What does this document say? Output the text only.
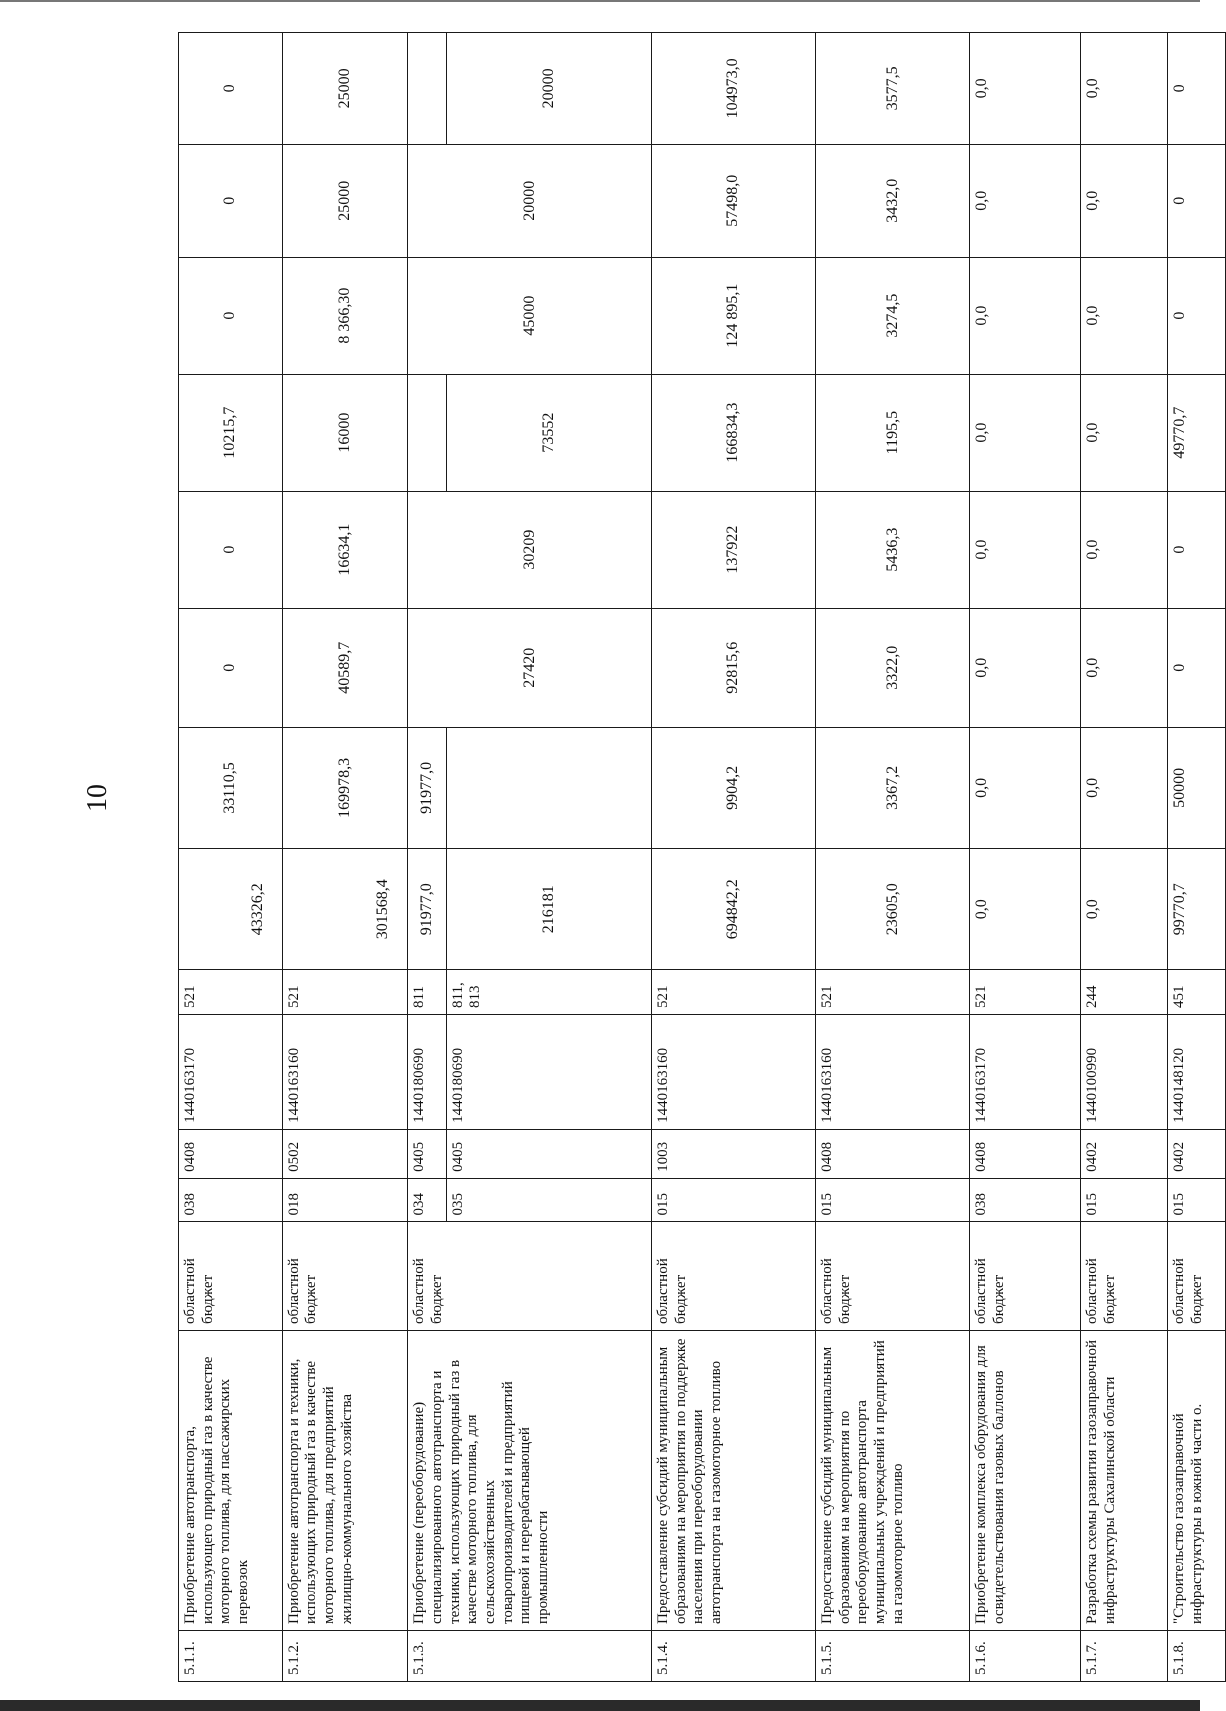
10
5.1.1.	Приобретение автотранспорта, использующего природный газ в качестве моторного топлива, для пассажирских перевозок	областной бюджет	038	0408	1440163170	521	43326,2	33110,5	0	0	10215,7	0	0	0
5.1.2.	Приобретение автотранспорта и техники, использующих природный газ в качестве моторного топлива, для предприятий жилищно-коммунального хозяйства	областной бюджет	018	0502	1440163160	521	301568,4	169978,3	40589,7	16634,1	16000	8 366,30	25000	25000
5.1.3.	Приобретение (переоборудование) специализированного автотранспорта и техники, использующих природный газ в качестве моторного топлива, для сельскохозяйственных товаропроизводителей и предприятий пищевой и перерабатывающей промышленности	областной бюджет	034	0405	1440180690	811	91977,0	91977,0	27420	30209		45000	20000	
			035	0405	1440180690	811, 813	216181				73552			20000
5.1.4.	Предоставление субсидий муниципальным образованиям на мероприятия по поддержке населения при переоборудовании автотранспорта на газомоторное топливо	областной бюджет	015	1003	1440163160	521	694842,2	9904,2	92815,6	137922	166834,3	124 895,1	57498,0	104973,0
5.1.5.	Предоставление субсидий муниципальным образованиям на мероприятия по переоборудованию автотранспорта муниципальных учреждений и предприятий на газомоторное топливо	областной бюджет	015	0408	1440163160	521	23605,0	3367,2	3322,0	5436,3	1195,5	3274,5	3432,0	3577,5
5.1.6.	Приобретение комплекса оборудования для освидетельствования газовых баллонов	областной бюджет	038	0408	1440163170	521	0,0	0,0	0,0	0,0	0,0	0,0	0,0	0,0
5.1.7.	Разработка схемы развития газозаправочной инфраструктуры Сахалинской области	областной бюджет	015	0402	1440100990	244	0,0	0,0	0,0	0,0	0,0	0,0	0,0	0,0
5.1.8.	"Строительство газозаправочной инфраструктуры в южной части о.	областной бюджет	015	0402	1440148120	451	99770,7	50000	0	0	49770,7	0	0	0
